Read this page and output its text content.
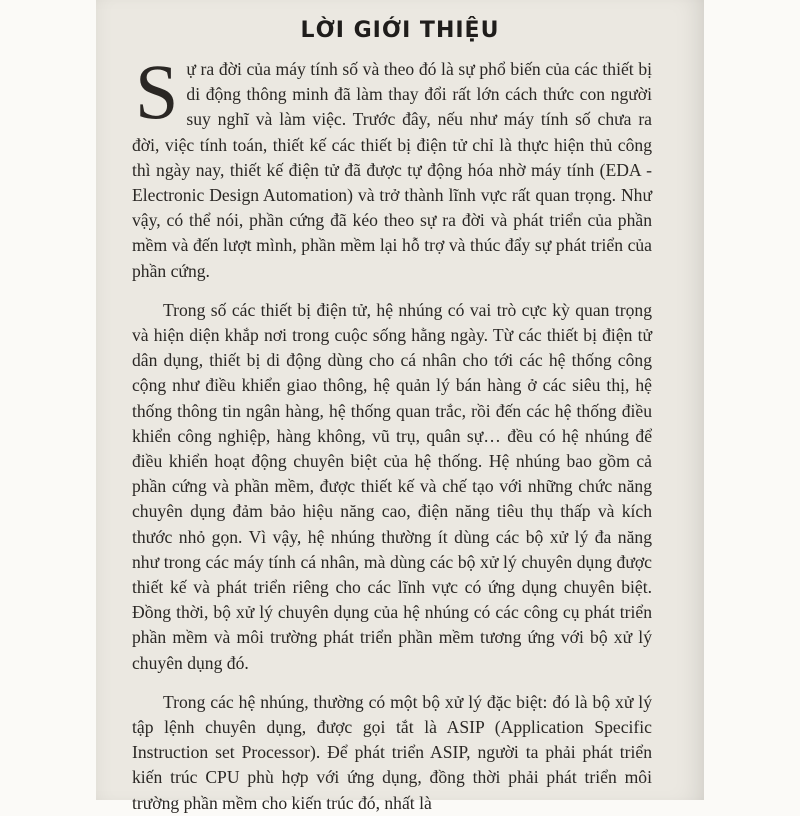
LỜI GIỚI THIỆU

Sự ra đời của máy tính số và theo đó là sự phổ biến của các thiết bị di động thông minh đã làm thay đổi rất lớn cách thức con người suy nghĩ và làm việc. Trước đây, nếu như máy tính số chưa ra đời, việc tính toán, thiết kế các thiết bị điện tử chỉ là thực hiện thủ công thì ngày nay, thiết kế điện tử đã được tự động hóa nhờ máy tính (EDA - Electronic Design Automation) và trở thành lĩnh vực rất quan trọng. Như vậy, có thể nói, phần cứng đã kéo theo sự ra đời và phát triển của phần mềm và đến lượt mình, phần mềm lại hỗ trợ và thúc đẩy sự phát triển của phần cứng.

Trong số các thiết bị điện tử, hệ nhúng có vai trò cực kỳ quan trọng và hiện diện khắp nơi trong cuộc sống hằng ngày. Từ các thiết bị điện tử dân dụng, thiết bị di động dùng cho cá nhân cho tới các hệ thống công cộng như điều khiển giao thông, hệ quản lý bán hàng ở các siêu thị, hệ thống thông tin ngân hàng, hệ thống quan trắc, rồi đến các hệ thống điều khiển công nghiệp, hàng không, vũ trụ, quân sự… đều có hệ nhúng để điều khiển hoạt động chuyên biệt của hệ thống. Hệ nhúng bao gồm cả phần cứng và phần mềm, được thiết kế và chế tạo với những chức năng chuyên dụng đảm bảo hiệu năng cao, điện năng tiêu thụ thấp và kích thước nhỏ gọn. Vì vậy, hệ nhúng thường ít dùng các bộ xử lý đa năng như trong các máy tính cá nhân, mà dùng các bộ xử lý chuyên dụng được thiết kế và phát triển riêng cho các lĩnh vực có ứng dụng chuyên biệt. Đồng thời, bộ xử lý chuyên dụng của hệ nhúng có các công cụ phát triển phần mềm và môi trường phát triển phần mềm tương ứng với bộ xử lý chuyên dụng đó.

Trong các hệ nhúng, thường có một bộ xử lý đặc biệt: đó là bộ xử lý tập lệnh chuyên dụng, được gọi tắt là ASIP (Application Specific Instruction set Processor). Để phát triển ASIP, người ta phải phát triển kiến trúc CPU phù hợp với ứng dụng, đồng thời phải phát triển môi trường phần mềm cho kiến trúc đó, nhất là
